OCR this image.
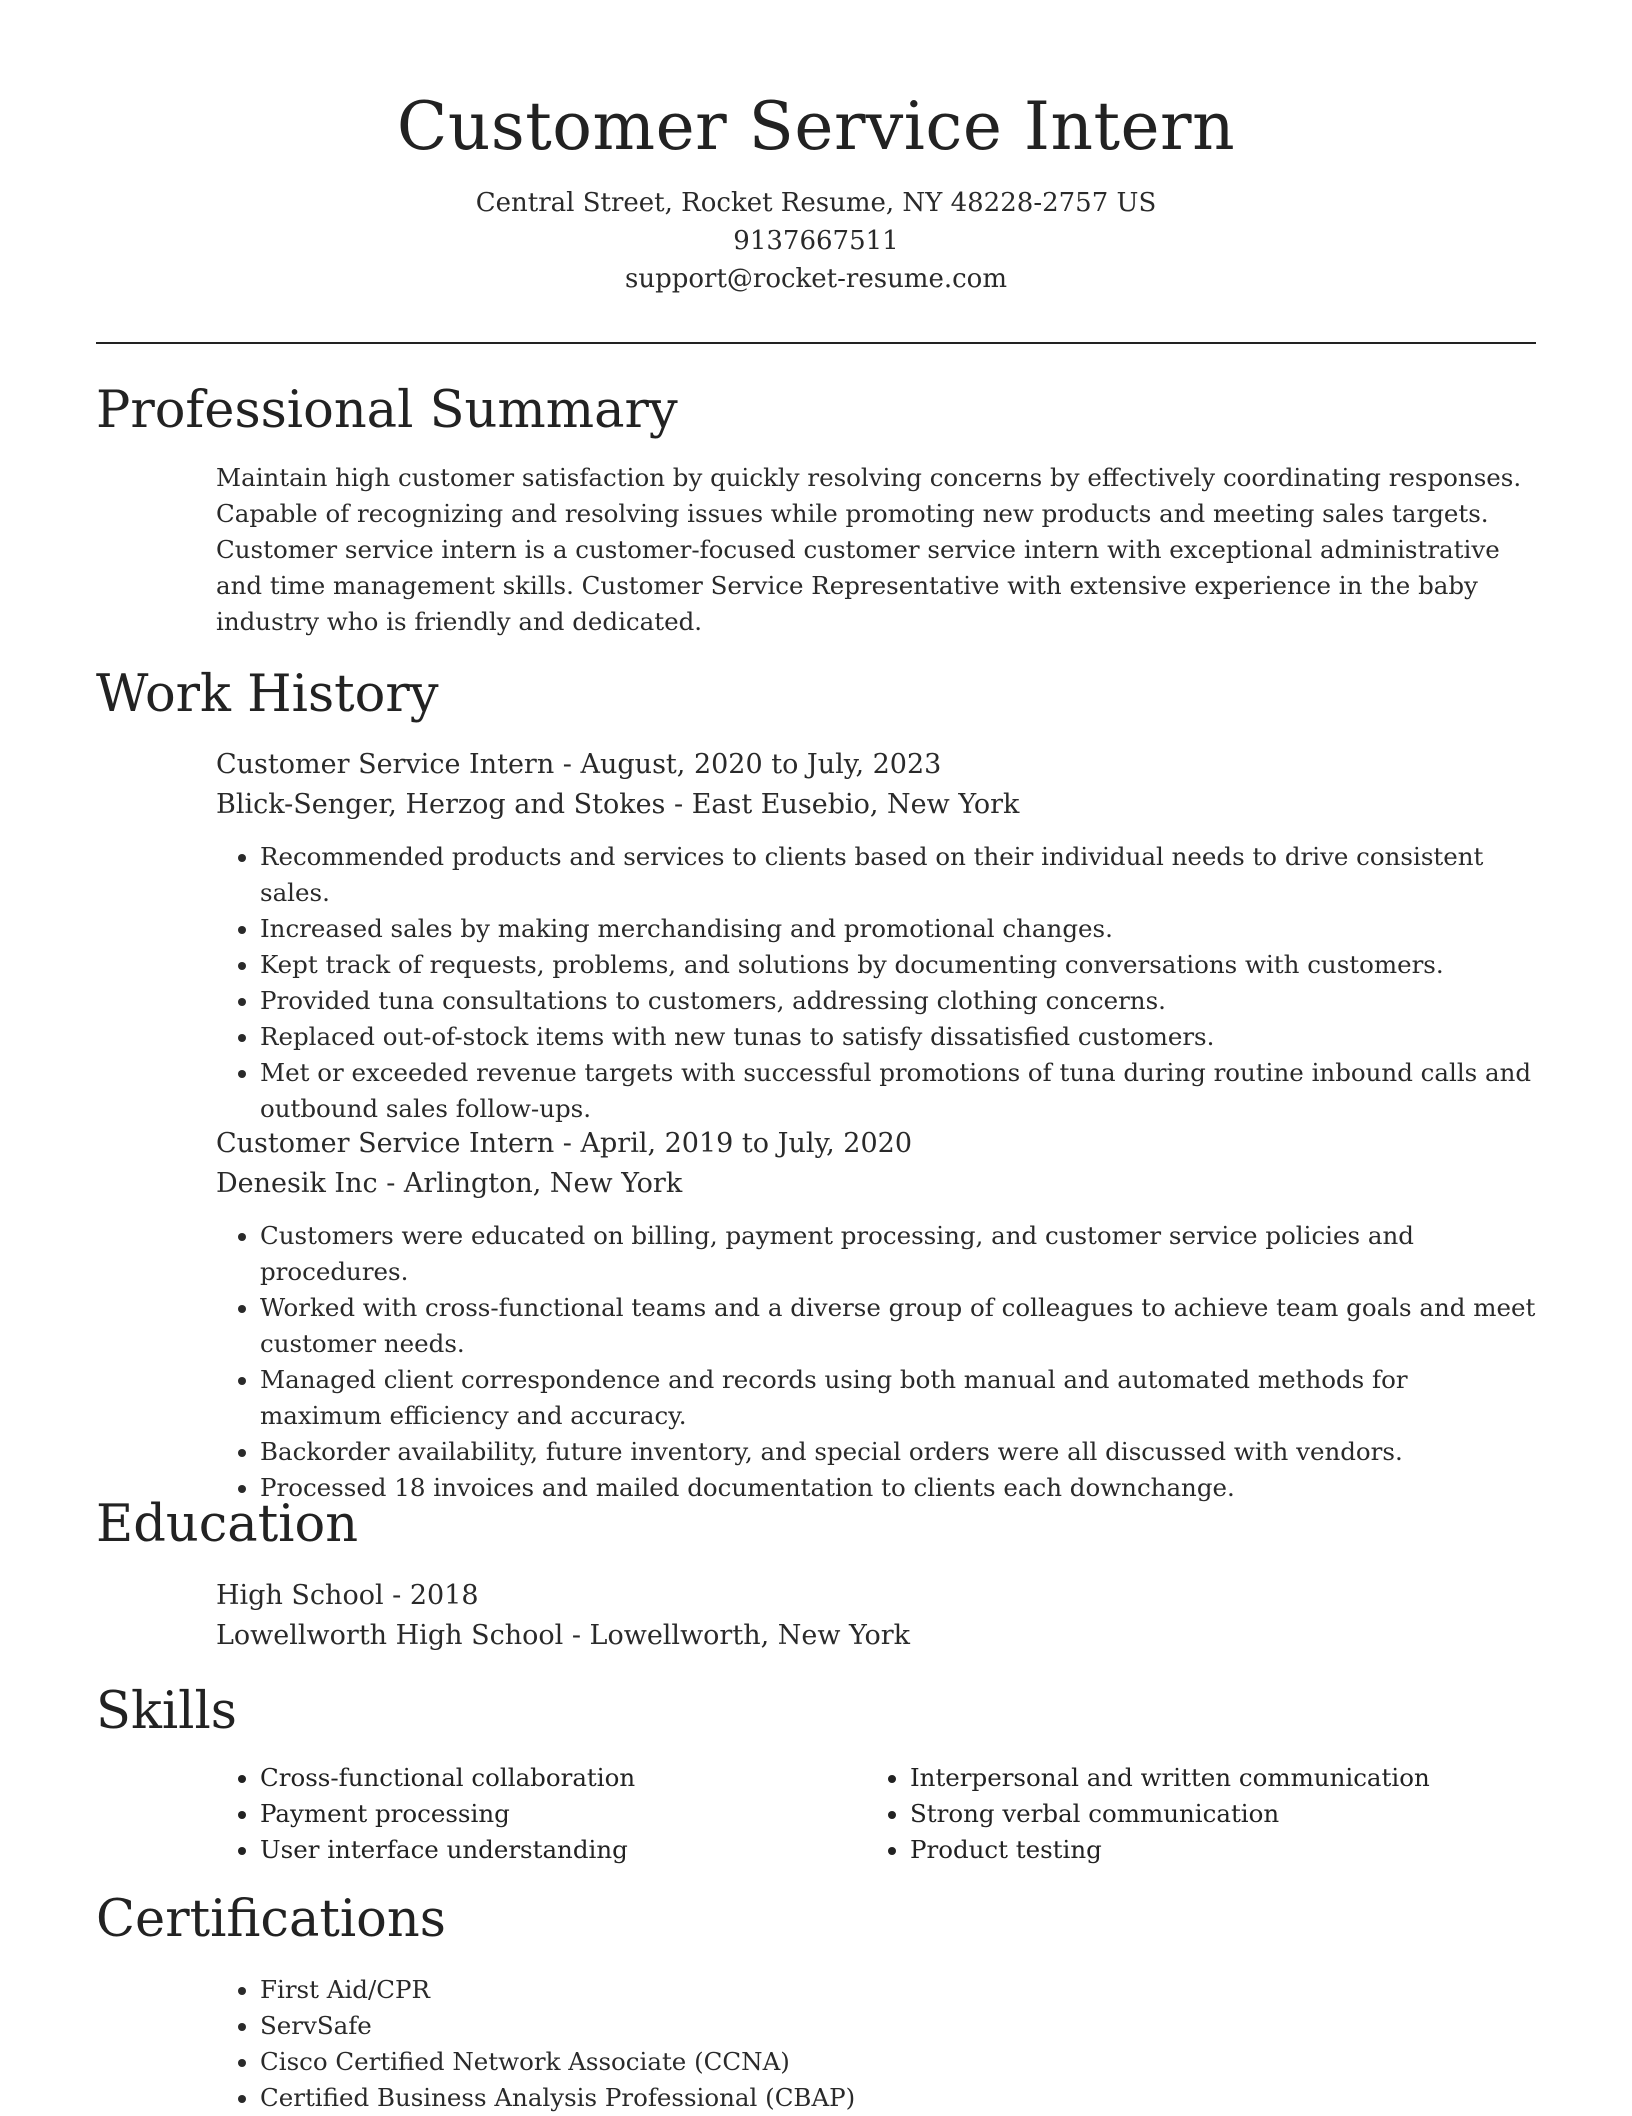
Customer Service Intern
Central Street, Rocket Resume, NY 48228-2757 US
9137667511
support@rocket-resume.com
Professional Summary

Maintain high customer satisfaction by quickly resolving concerns by effectively coordinating responses. Capable of recognizing and resolving issues while promoting new products and meeting sales targets. Customer service intern is a customer-focused customer service intern with exceptional administrative and time management skills. Customer Service Representative with extensive experience in the baby industry who is friendly and dedicated.

Work History
Customer Service Intern - August, 2020 to July, 2023
Blick-Senger, Herzog and Stokes - East Eusebio, New York
• Recommended products and services to clients based on their individual needs to drive consistent sales.
• Increased sales by making merchandising and promotional changes.
• Kept track of requests, problems, and solutions by documenting conversations with customers.
• Provided tuna consultations to customers, addressing clothing concerns.
• Replaced out-of-stock items with new tunas to satisfy dissatisfied customers.
• Met or exceeded revenue targets with successful promotions of tuna during routine inbound calls and outbound sales follow-ups.
Customer Service Intern - April, 2019 to July, 2020
Denesik Inc - Arlington, New York
• Customers were educated on billing, payment processing, and customer service policies and procedures.
• Worked with cross-functional teams and a diverse group of colleagues to achieve team goals and meet customer needs.
• Managed client correspondence and records using both manual and automated methods for maximum efficiency and accuracy.
• Backorder availability, future inventory, and special orders were all discussed with vendors.
• Processed 18 invoices and mailed documentation to clients each downchange.
Education
High School - 2018
Lowellworth High School - Lowellworth, New York
Skills
• Cross-functional collaboration
• Payment processing
• User interface understanding
• Interpersonal and written communication
• Strong verbal communication
• Product testing
Certifications
• First Aid/CPR
• ServSafe
• Cisco Certified Network Associate (CCNA)
• Certified Business Analysis Professional (CBAP)
